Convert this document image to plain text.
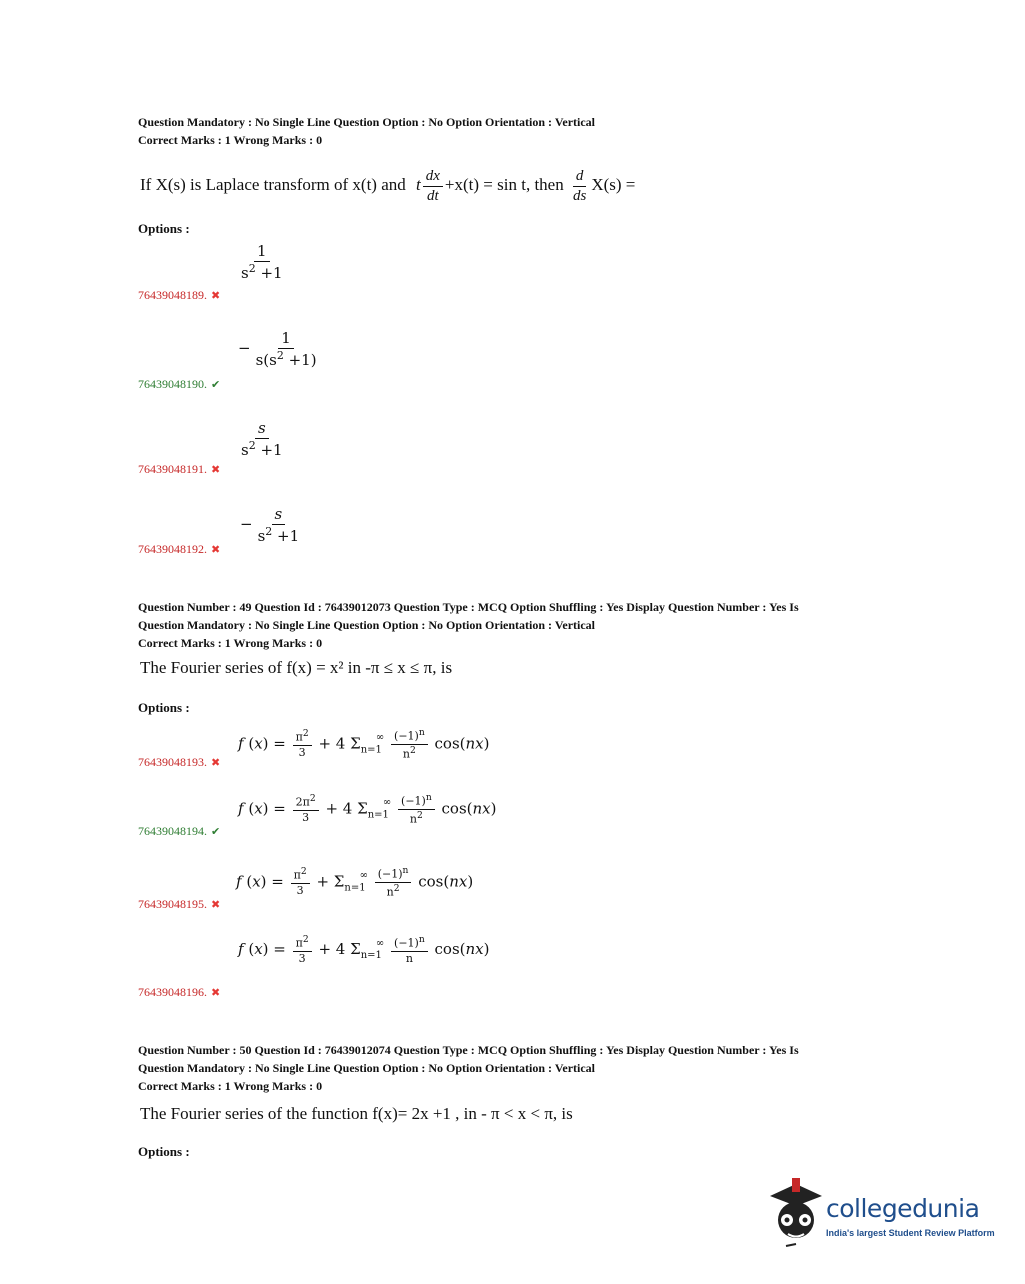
Question Mandatory : No Single Line Question Option : No Option Orientation : Vertical
Correct Marks : 1 Wrong Marks : 0
If X(s) is Laplace transform of x(t) and t $\frac{dx}{dt} +x(t) = \sin t$, then $\frac{d}{ds} X(s)$ =
Options :
$\frac{1}{s^2 +1}$
76439048189. ✖
− $\frac{1}{s(s^2 +1)}$
76439048190. ✔
$\frac{s}{s^2 +1}$
76439048191. ✖
− $\frac{s}{s^2 +1}$
76439048192. ✖
Question Number : 49 Question Id : 76439012073 Question Type : MCQ Option Shuffling : Yes Display Question Number : Yes Is
Question Mandatory : No Single Line Question Option : No Option Orientation : Vertical
Correct Marks : 1 Wrong Marks : 0
The Fourier series of f(x) = x² in -π ≤ x ≤ π, is
Options :
f $(x) = \frac{\pi^2}{3} + 4$ $\Sigma_{n=1}^\infty \frac{(-1)^n}{n^2} \cos(nx)$
76439048193. ✖
f $(x) = \frac{2\pi^2}{3} + 4$ $\Sigma_{n=1}^\infty \frac{(-1)^n}{n^2} \cos(nx)$
76439048194. ✔
f $(x) = \frac{\pi^2}{3} + \Sigma_{n=1}^\infty \frac{(-1)^n}{n^2} \cos(nx)$
76439048195. ✖
f $(x) = \frac{\pi^2}{3} + 4$ $\Sigma_{n=1}^\infty \frac{(-1)^n}{n} \cos(nx)$
76439048196. ✖
Question Number : 50 Question Id : 76439012074 Question Type : MCQ Option Shuffling : Yes Display Question Number : Yes Is
Question Mandatory : No Single Line Question Option : No Option Orientation : Vertical
Correct Marks : 1 Wrong Marks : 0
The Fourier series of the function f(x)= 2x +1 , in - π < x < π, is
Options :
collegedunia
India's largest Student Review Platform
